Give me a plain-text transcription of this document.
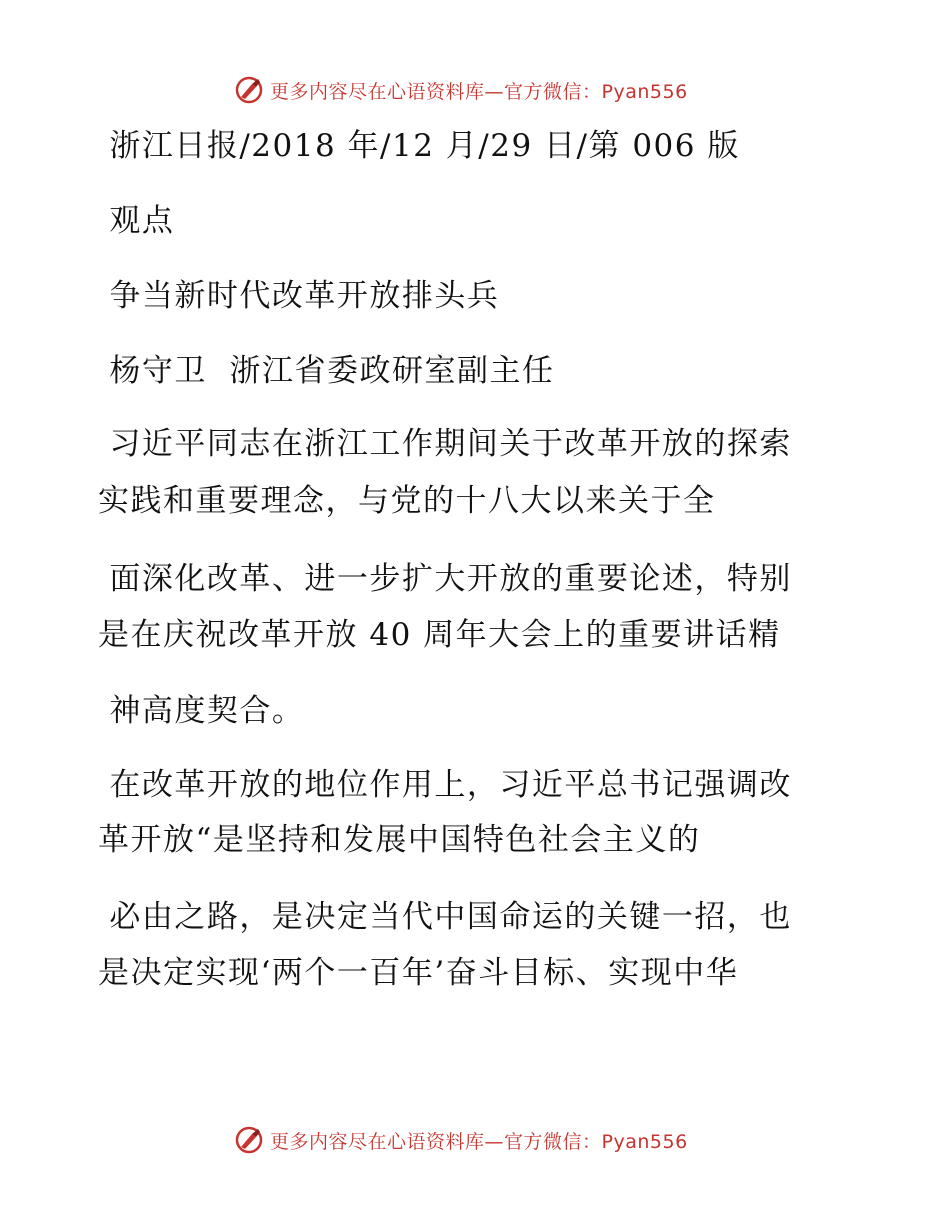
更多内容尽在心语资料库—官方微信：Pyan556
浙江日报/2018 年/12 月/29 日/第 006 版
观点
争当新时代改革开放排头兵
杨守卫  浙江省委政研室副主任
习近平同志在浙江工作期间关于改革开放的探索
实践和重要理念，与党的十八大以来关于全
面深化改革、进一步扩大开放的重要论述，特别
是在庆祝改革开放 40 周年大会上的重要讲话精
神高度契合。
在改革开放的地位作用上，习近平总书记强调改
革开放“是坚持和发展中国特色社会主义的
必由之路，是决定当代中国命运的关键一招，也
是决定实现‘两个一百年’奋斗目标、实现中华
更多内容尽在心语资料库—官方微信：Pyan556
